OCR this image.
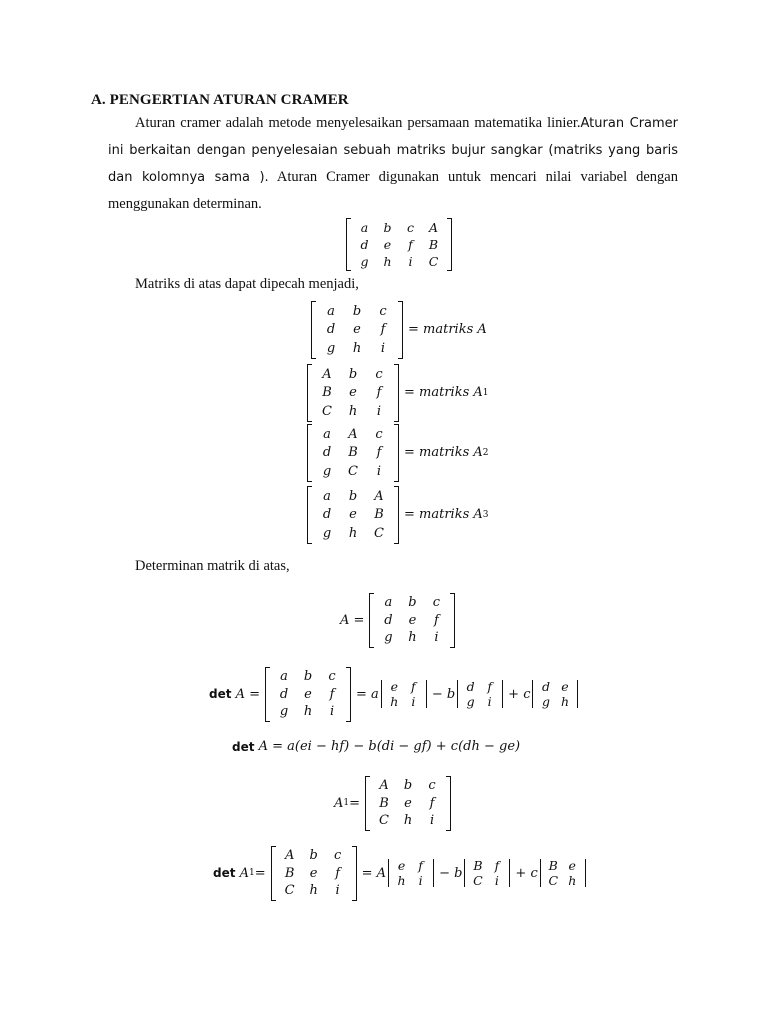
A. PENGERTIAN ATURAN CRAMER
Aturan cramer adalah metode menyelesaikan persamaan matematika linier.Aturan Cramer ini berkaitan dengan penyelesaian sebuah matriks bujur sangkar (matriks yang baris dan kolomnya sama ). Aturan Cramer digunakan untuk mencari nilai variabel dengan menggunakan determinan.
a	b	c	A
d	e	f	B
g	h	i	C
Matriks di atas dapat dipecah menjadi,
a	b	c
d	e	f
g	h	i
= matriks A
A	b	c
B	e	f
C	h	i
= matriks A 1
a	A	c
d	B	f
g	C	i
= matriks A 2
a	b	A
d	e	B
g	h	C
= matriks A 3
Determinan matrik di atas,
A =
a	b	c
d	e	f
g	h	i
det
A =
a	b	c
d	e	f
g	h	i
= a e	f
h	i − b d	f
g	i + c d	e
g	h
det
A = a(ei − hf) − b(di − gf) + c(dh − ge)
A 1 =
A	b	c
B	e	f
C	h	i
det
A 1 =
A	b	c
B	e	f
C	h	i
= A e	f
h	i − b B	f
C	i + c B	e
C	h
